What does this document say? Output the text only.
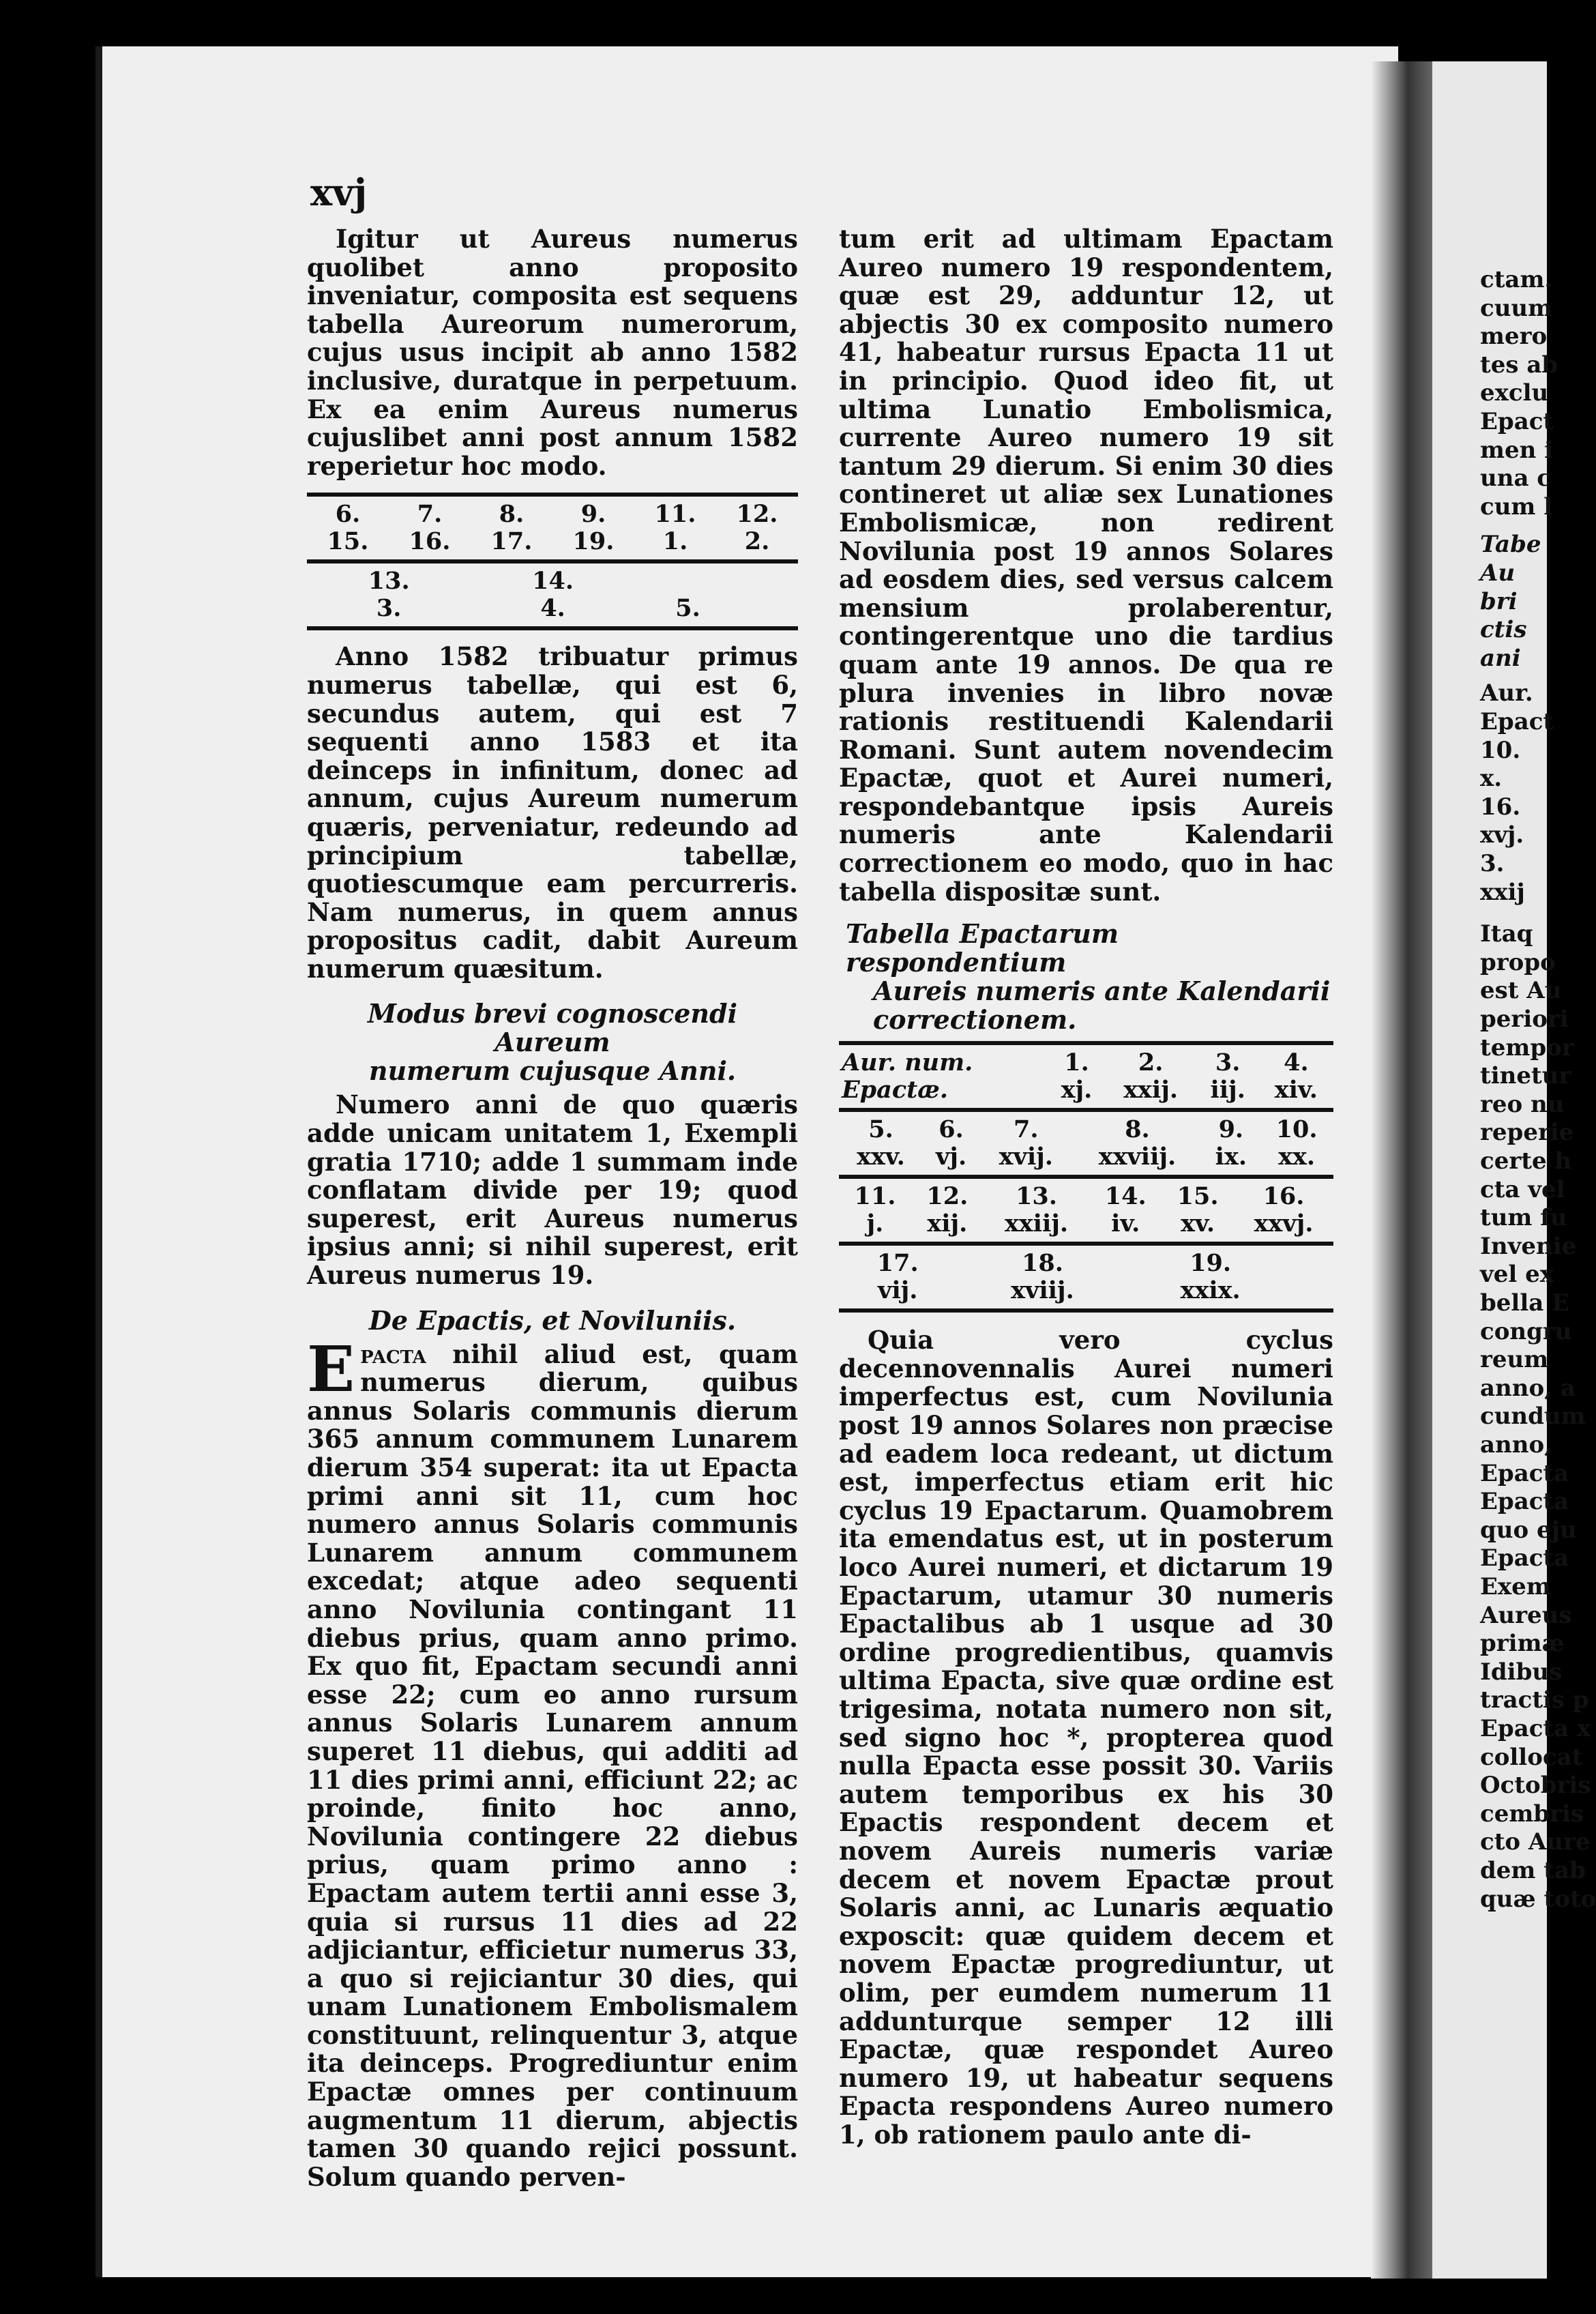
ctam.
cuum
mero
tes ab
exclu
Epact
men i
una c
cum l
Tabe
Au
bri
ctis
ani
Aur.
Epact
10.
x.
16.
xvj.
3.
xxij
Itaq
propo
est Au
periori
tempor
tinetur
reo nu
reperie
certe h
cta vel
tum fu
Invenie
vel ex
bella E
congru
reum
anno, a
cundum
anno,
Epacta
Epacta
quo eju
Epacta
Exem
Aureus
primæ
Idibus
tractis p
Epacta x
collocat
Octobris
cembris
cto Aure
dem tab
quæ toto
xvj

Igitur ut Aureus numerus quolibet anno proposito inveniatur, composita est sequens tabella Aureorum numerorum, cujus usus incipit ab anno 1582 inclusive, duratque in perpetuum. Ex ea enim Aureus numerus cujuslibet anni post annum 1582 reperietur hoc modo.

6.	7.	8.	9.	11.	12.
15.	16.	17.	19.	1.	2.
13.	14.				
3.	4.	5.			

Anno 1582 tribuatur primus numerus tabellæ, qui est 6, secundus autem, qui est 7 sequenti anno 1583 et ita deinceps in infinitum, donec ad annum, cujus Aureum numerum quæris, perveniatur, redeundo ad principium tabellæ, quotiescumque eam percurreris. Nam numerus, in quem annus propositus cadit, dabit Aureum numerum quæsitum.

Modus brevi cognoscendi Aureum
numerum cujusque Anni.

Numero anni de quo quæris adde unicam unitatem 1, Exempli gratia 1710; adde 1 summam inde conflatam divide per 19; quod superest, erit Aureus numerus ipsius anni; si nihil superest, erit Aureus numerus 19.

De Epactis, et Noviluniis.

Epacta nihil aliud est, quam numerus dierum, quibus annus Solaris communis dierum 365 annum communem Lunarem dierum 354 superat: ita ut Epacta primi anni sit 11, cum hoc numero annus Solaris communis Lunarem annum communem excedat; atque adeo sequenti anno Novilunia contingant 11 diebus prius, quam anno primo. Ex quo fit, Epactam secundi anni esse 22; cum eo anno rursum annus Solaris Lunarem annum superet 11 diebus, qui additi ad 11 dies primi anni, efficiunt 22; ac proinde, finito hoc anno, Novilunia contingere 22 diebus prius, quam primo anno : Epactam autem tertii anni esse 3, quia si rursus 11 dies ad 22 adjiciantur, efficietur numerus 33, a quo si rejiciantur 30 dies, qui unam Lunationem Embolismalem constituunt, relinquentur 3, atque ita deinceps. Progrediuntur enim Epactæ omnes per continuum augmentum 11 dierum, abjectis tamen 30 quando rejici possunt. Solum quando perven-

tum erit ad ultimam Epactam Aureo numero 19 respondentem, quæ est 29, adduntur 12, ut abjectis 30 ex composito numero 41, habeatur rursus Epacta 11 ut in principio. Quod ideo fit, ut ultima Lunatio Embolismica, currente Aureo numero 19 sit tantum 29 dierum. Si enim 30 dies contineret ut aliæ sex Lunationes Embolismicæ, non redirent Novilunia post 19 annos Solares ad eosdem dies, sed versus calcem mensium prolaberentur, contingerentque uno die tardius quam ante 19 annos. De qua re plura invenies in libro novæ rationis restituendi Kalendarii Romani. Sunt autem novendecim Epactæ, quot et Aurei numeri, respondebantque ipsis Aureis numeris ante Kalendarii correctionem eo modo, quo in hac tabella dispositæ sunt.

Tabella Epactarum respondentium
Aureis numeris ante Kalendarii
correctionem.
Aur. num.	1.	2.	3.	4.
Epactæ.	xj.	xxij.	iij.	xiv.
5.	6.	7.	8.	9.	10.
xxv.	vj.	xvij.	xxviij.	ix.	xx.
11.	12.	13.	14.	15.	16.
j.	xij.	xxiij.	iv.	xv.	xxvj.
17.	18.	19.			
vij.	xviij.	xxix.			

Quia vero cyclus decennovennalis Aurei numeri imperfectus est, cum Novilunia post 19 annos Solares non præcise ad eadem loca redeant, ut dictum est, imperfectus etiam erit hic cyclus 19 Epactarum. Quamobrem ita emendatus est, ut in posterum loco Aurei numeri, et dictarum 19 Epactarum, utamur 30 numeris Epactalibus ab 1 usque ad 30 ordine progredientibus, quamvis ultima Epacta, sive quæ ordine est trigesima, notata numero non sit, sed signo hoc *, propterea quod nulla Epacta esse possit 30. Variis autem temporibus ex his 30 Epactis respondent decem et novem Aureis numeris variæ decem et novem Epactæ prout Solaris anni, ac Lunaris æquatio exposcit: quæ quidem decem et novem Epactæ progrediuntur, ut olim, per eumdem numerum 11 addunturque semper 12 illi Epactæ, quæ respondet Aureo numero 19, ut habeatur sequens Epacta respondens Aureo numero 1, ob rationem paulo ante di-
